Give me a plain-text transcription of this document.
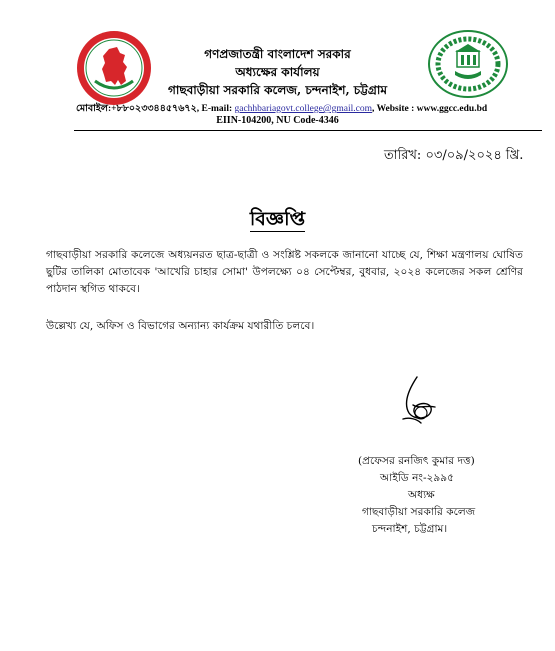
গণপ্রজাতন্ত্রী বাংলাদেশ সরকার
অধ্যক্ষের কার্যালয়
গাছবাড়ীয়া সরকারি কলেজ, চন্দনাইশ, চট্টগ্রাম
মোবাইল:+৮৮০২৩৩৪৪৫৭৬৭২, E-mail: gachhbariagovt.college@gmail.com, Website : www.ggcc.edu.bd
EIIN-104200, NU Code-4346
তারিখ: ০৩/০৯/২০২৪ খ্রি.
বিজ্ঞপ্তি
গাছবাড়ীয়া সরকারি কলেজে অধ্যয়নরত ছাত্র-ছাত্রী ও সংশ্লিষ্ট সকলকে জানানো যাচ্ছে যে, শিক্ষা মন্ত্রণালয় ঘোষিত ছুটির তালিকা মোতাবেক 'আখেরি চাহার সোমা' উপলক্ষ্যে ০৪ সেপ্টেম্বর, বুধবার, ২০২৪ কলেজের সকল শ্রেণির পাঠদান স্থগিত থাকবে।
উল্লেখ্য যে, অফিস ও বিভাগের অন্যান্য কার্যক্রম যথারীতি চলবে।
(প্রফেসর রনজিৎ কুমার দত্ত)
আইডি নং-২৯৯৫
অধ্যক্ষ
গাছবাড়ীয়া সরকারি কলেজ
চন্দনাইশ, চট্টগ্রাম।
